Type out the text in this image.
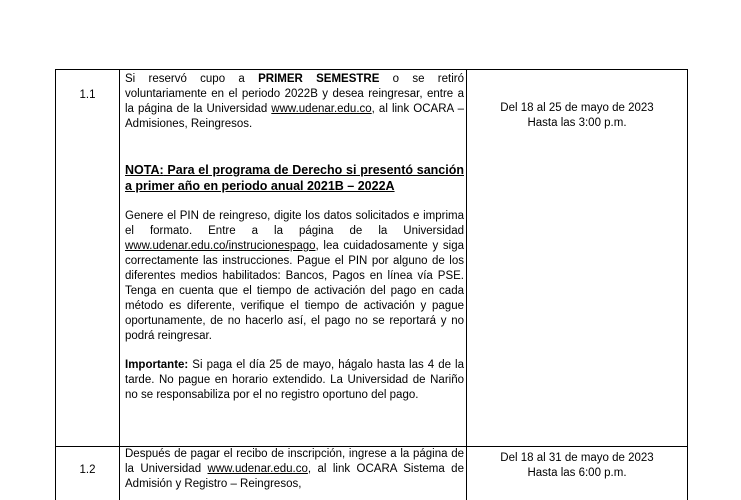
1.1

Si reservó cupo a PRIMER SEMESTRE o se retiró voluntariamente en el periodo 2022B y desea reingresar, entre a la página de la Universidad www.udenar.edu.co, al link OCARA – Admisiones, Reingresos.

NOTA: Para el programa de Derecho si presentó sanción a primer año en periodo anual 2021B – 2022A

Genere el PIN de reingreso, digite los datos solicitados e imprima el formato. Entre a la página de la Universidad www.udenar.edu.co/instrucionespago, lea cuidadosamente y siga correctamente las instrucciones. Pague el PIN por alguno de los diferentes medios habilitados: Bancos, Pagos en línea vía PSE. Tenga en cuenta que el tiempo de activación del pago en cada método es diferente, verifique el tiempo de activación y pague oportunamente, de no hacerlo así, el pago no se reportará y no podrá reingresar.

Importante: Si paga el día 25 de mayo, hágalo hasta las 4 de la tarde. No pague en horario extendido. La Universidad de Nariño no se responsabiliza por el no registro oportuno del pago.

Del 18 al 25 de mayo de 2023
Hasta las 3:00 p.m.
1.2

Después de pagar el recibo de inscripción, ingrese a la página de la Universidad www.udenar.edu.co, al link OCARA Sistema de Admisión y Registro – Reingresos,

Del 18 al 31 de mayo de 2023
Hasta las 6:00 p.m.
